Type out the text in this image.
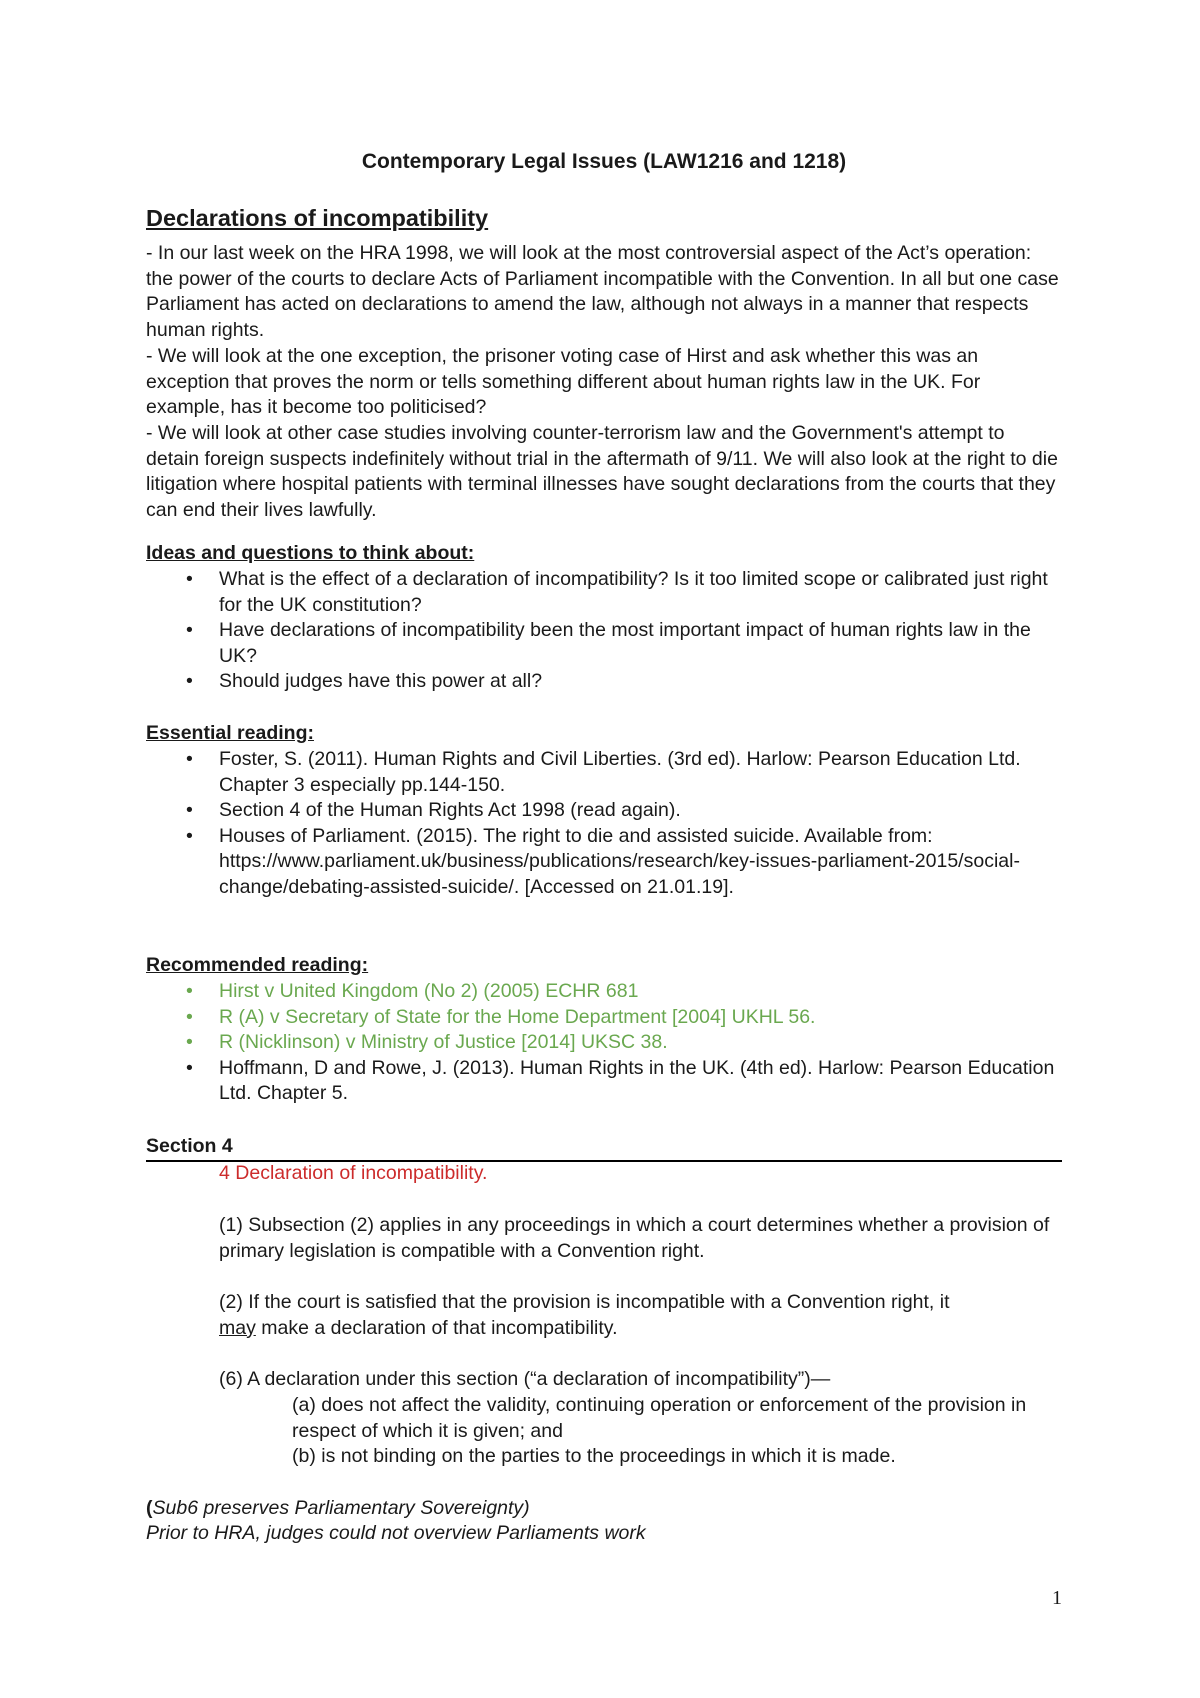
Contemporary Legal Issues (LAW1216 and 1218)
Declarations of incompatibility

- In our last week on the HRA 1998, we will look at the most controversial aspect of the Act’s operation: the power of the courts to declare Acts of Parliament incompatible with the Convention. In all but one case Parliament has acted on declarations to amend the law, although not always in a manner that respects human rights.

- We will look at the one exception, the prisoner voting case of Hirst and ask whether this was an exception that proves the norm or tells something different about human rights law in the UK. For example, has it become too politicised?

- We will look at other case studies involving counter-terrorism law and the Government's attempt to detain foreign suspects indefinitely without trial in the aftermath of 9/11. We will also look at the right to die litigation where hospital patients with terminal illnesses have sought declarations from the courts that they can end their lives lawfully.

Ideas and questions to think about:
• What is the effect of a declaration of incompatibility? Is it too limited scope or calibrated just right for the UK constitution?
• Have declarations of incompatibility been the most important impact of human rights law in the UK?
• Should judges have this power at all?
Essential reading:
• Foster, S. (2011). Human Rights and Civil Liberties. (3rd ed). Harlow: Pearson Education Ltd. Chapter 3 especially pp.144-150.
• Section 4 of the Human Rights Act 1998 (read again).
• Houses of Parliament. (2015). The right to die and assisted suicide. Available from: https://www.parliament.uk/business/publications/research/key-issues-parliament-2015/social-change/debating-assisted-suicide/. [Accessed on 21.01.19].
Recommended reading:
• Hirst v United Kingdom (No 2) (2005) ECHR 681
• R (A) v Secretary of State for the Home Department [2004] UKHL 56.
• R (Nicklinson) v Ministry of Justice [2014] UKSC 38.
• Hoffmann, D and Rowe, J. (2013). Human Rights in the UK. (4th ed). Harlow: Pearson Education Ltd. Chapter 5.
Section 4

4 Declaration of incompatibility.

(1) Subsection (2) applies in any proceedings in which a court determines whether a provision of primary legislation is compatible with a Convention right.

(2) If the court is satisfied that the provision is incompatible with a Convention right, it
may make a declaration of that incompatibility.

(6) A declaration under this section (“a declaration of incompatibility”)—

(a) does not affect the validity, continuing operation or enforcement of the provision in respect of which it is given; and

(b) is not binding on the parties to the proceedings in which it is made.

(Sub6 preserves Parliamentary Sovereignty)

Prior to HRA, judges could not overview Parliaments work

1
